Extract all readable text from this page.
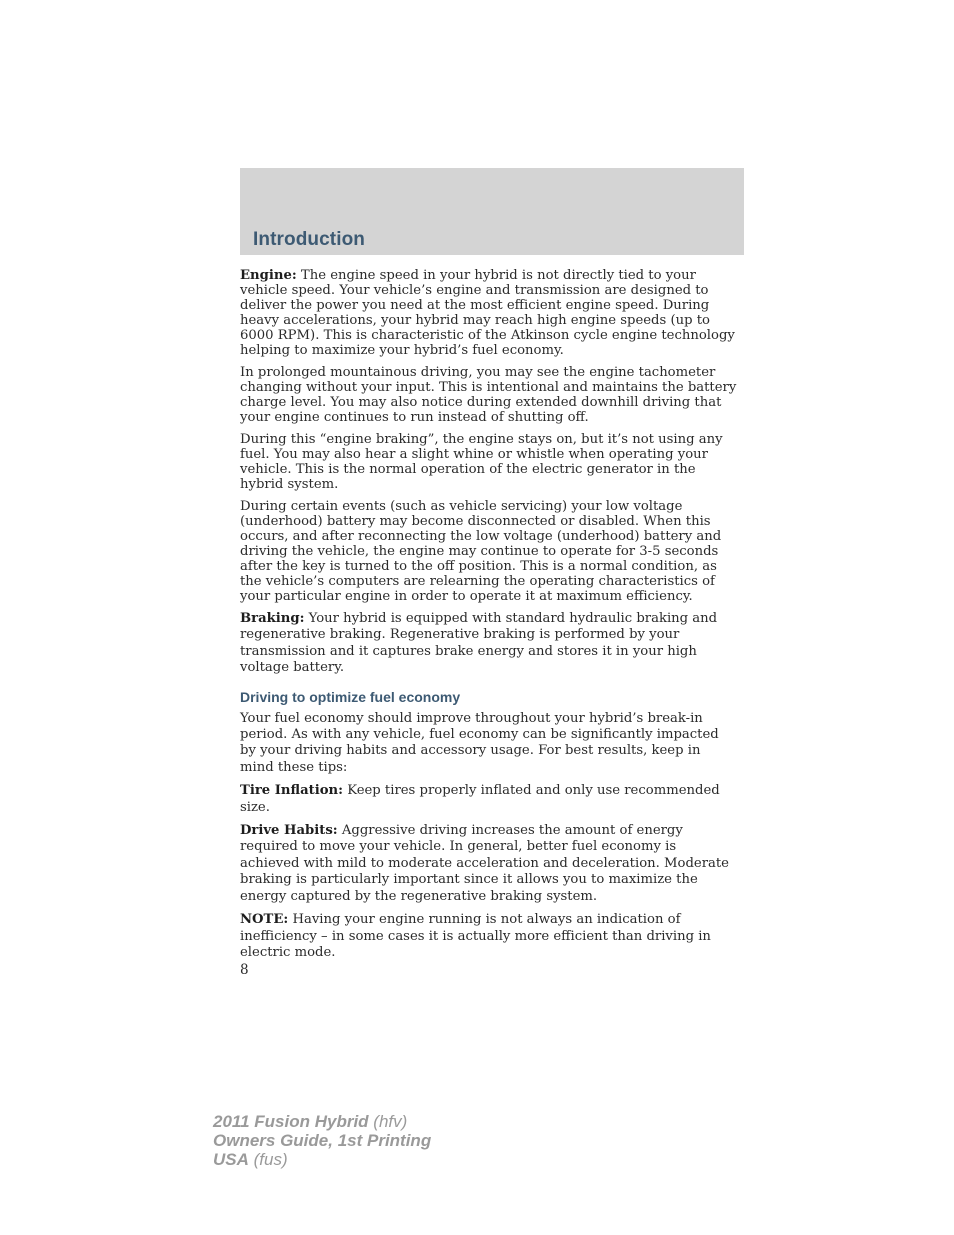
Introduction

Engine: The engine speed in your hybrid is not directly tied to your vehicle speed. Your vehicle’s engine and transmission are designed to deliver the power you need at the most efficient engine speed. During heavy accelerations, your hybrid may reach high engine speeds (up to 6000 RPM). This is characteristic of the Atkinson cycle engine technology helping to maximize your hybrid’s fuel economy.

In prolonged mountainous driving, you may see the engine tachometer changing without your input. This is intentional and maintains the battery charge level. You may also notice during extended downhill driving that your engine continues to run instead of shutting off.

During this “engine braking”, the engine stays on, but it’s not using any fuel. You may also hear a slight whine or whistle when operating your vehicle. This is the normal operation of the electric generator in the hybrid system.

During certain events (such as vehicle servicing) your low voltage (underhood) battery may become disconnected or disabled. When this occurs, and after reconnecting the low voltage (underhood) battery and driving the vehicle, the engine may continue to operate for 3-5 seconds after the key is turned to the off position. This is a normal condition, as the vehicle’s computers are relearning the operating characteristics of your particular engine in order to operate it at maximum efficiency.

Braking: Your hybrid is equipped with standard hydraulic braking and regenerative braking. Regenerative braking is performed by your transmission and it captures brake energy and stores it in your high voltage battery.

Driving to optimize fuel economy

Your fuel economy should improve throughout your hybrid’s break-in period. As with any vehicle, fuel economy can be significantly impacted by your driving habits and accessory usage. For best results, keep in mind these tips:

Tire Inflation: Keep tires properly inflated and only use recommended size.

Drive Habits: Aggressive driving increases the amount of energy required to move your vehicle. In general, better fuel economy is achieved with mild to moderate acceleration and deceleration. Moderate braking is particularly important since it allows you to maximize the energy captured by the regenerative braking system.

NOTE: Having your engine running is not always an indication of inefficiency – in some cases it is actually more efficient than driving in electric mode.

8

2011 Fusion Hybrid (hfv)
Owners Guide, 1st Printing
USA (fus)
